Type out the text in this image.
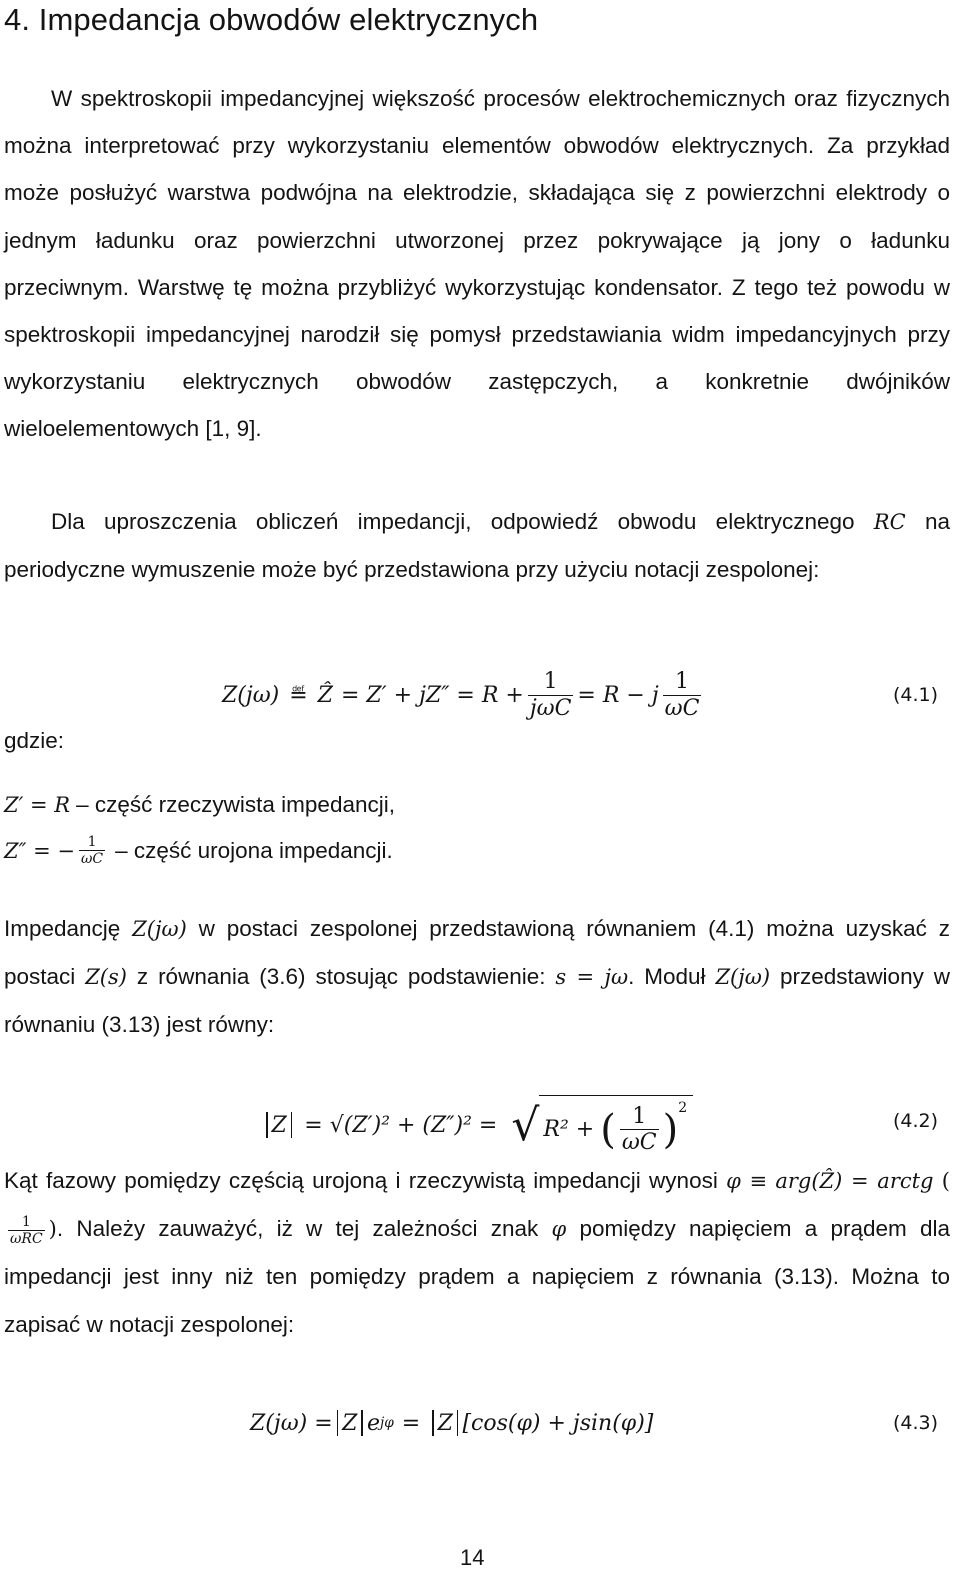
4. Impedancja obwodów elektrycznych

W spektroskopii impedancyjnej większość procesów elektrochemicznych oraz fizycznych można interpretować przy wykorzystaniu elementów obwodów elektrycznych. Za przykład może posłużyć warstwa podwójna na elektrodzie, składająca się z powierzchni elektrody o jednym ładunku oraz powierzchni utworzonej przez pokrywające ją jony o ładunku przeciwnym. Warstwę tę można przybliżyć wykorzystując kondensator. Z tego też powodu w spektroskopii impedancyjnej narodził się pomysł przedstawiania widm impedancyjnych przy wykorzystaniu elektrycznych obwodów zastępczych, a konkretnie dwójników wieloelementowych [1, 9].

Dla uproszczenia obliczeń impedancji, odpowiedź obwodu elektrycznego RC na periodyczne wymuszenie może być przedstawiona przy użyciu notacji zespolonej:

Z(jω) ≝ Ẑ = $Z' + jZ'' = R + \frac{1}{\text{jωC}} = R - j \frac{1}{\omega C}$	(4.1)
gdzie:
Z′ = R – część rzeczywista impedancji,
Z″ = − $\frac{1}{\omega C}$ – część urojona impedancji.

Impedancję Z(jω) w postaci zespolonej przedstawioną równaniem (4.1) można uzyskać z postaci Z(s) z równania (3.6) stosując podstawienie: s = jω. Moduł Z(jω) przedstawiony w równaniu (3.13) jest równy:

Z = √(Z′)² + (Z″)² = √ R² + ( $\frac{1}{\omega C}$ ) 2
(4.2)

Kąt fazowy pomiędzy częścią urojoną i rzeczywistą impedancji wynosi φ ≡ arg(Ẑ) = arctg (
$\frac{1}{\text{ωRC}}$ ). Należy zauważyć, iż w tej zależności znak φ pomiędzy napięciem a prądem dla impedancji jest inny niż ten pomiędzy prądem a napięciem z równania (3.13). Można to zapisać w notacji zespolonej:

Z(jω) = Z e jφ = Z [cos(φ) + jsin(φ)]	(4.3)
14
